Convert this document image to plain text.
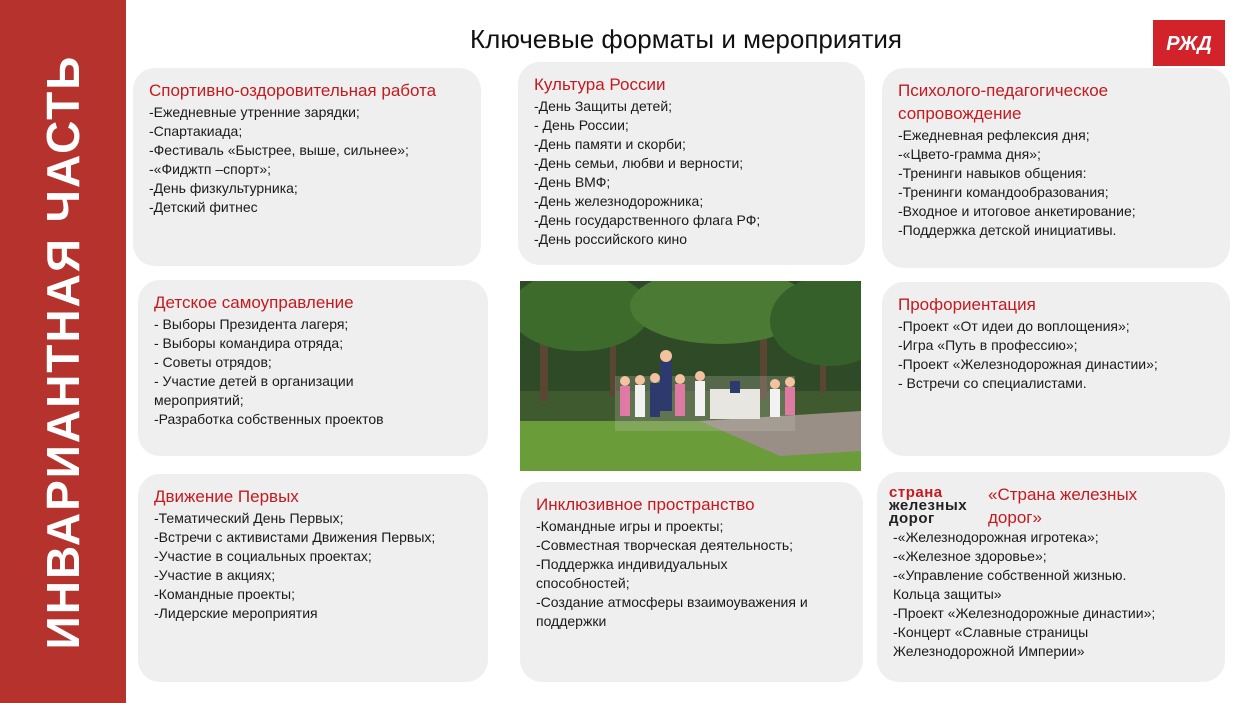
ИНВАРИАНТНАЯ ЧАСТЬ
Ключевые форматы и мероприятия	РЖД
Спортивно-оздоровительная работа
-Ежедневные утренние зарядки;
-Спартакиада;
-Фестиваль «Быстрее, выше, сильнее»;
-«Фиджтп –спорт»;
-День физкультурника;
-Детский фитнес
Культура России
-День Защиты детей;
- День России;
-День памяти и скорби;
-День семьи, любви и верности;
-День ВМФ;
-День железнодорожника;
-День государственного флага РФ;
-День российского кино
Психолого-педагогическое
сопровождение
-Ежедневная рефлексия дня;
-«Цвето-грамма дня»;
-Тренинги навыков общения:
-Тренинги командообразования;
-Входное и итоговое анкетирование;
-Поддержка детской инициативы.
Детское самоуправление
- Выборы Президента лагеря;
- Выборы командира отряда;
- Советы отрядов;
- Участие детей в организации
мероприятий;
-Разработка собственных проектов
Профориентация
-Проект «От идеи до воплощения»;
-Игра «Путь в профессию»;
-Проект «Железнодорожная династии»;
- Встречи со специалистами.
Движение Первых
-Тематический День Первых;
-Встречи с активистами Движения Первых;
-Участие в социальных проектах;
-Участие в акциях;
-Командные проекты;
-Лидерские мероприятия
Инклюзивное пространство
-Командные игры и проекты;
-Совместная творческая деятельность;
-Поддержка индивидуальных
способностей;
-Создание атмосферы взаимоуважения и
поддержки
страна
железных
дорог
«Страна железных
дорог»
-«Железнодорожная игротека»;
-«Железное здоровье»;
-«Управление собственной жизнью.
Кольца защиты»
-Проект «Железнодорожные династии»;
-Концерт «Славные страницы
Железнодорожной Империи»
